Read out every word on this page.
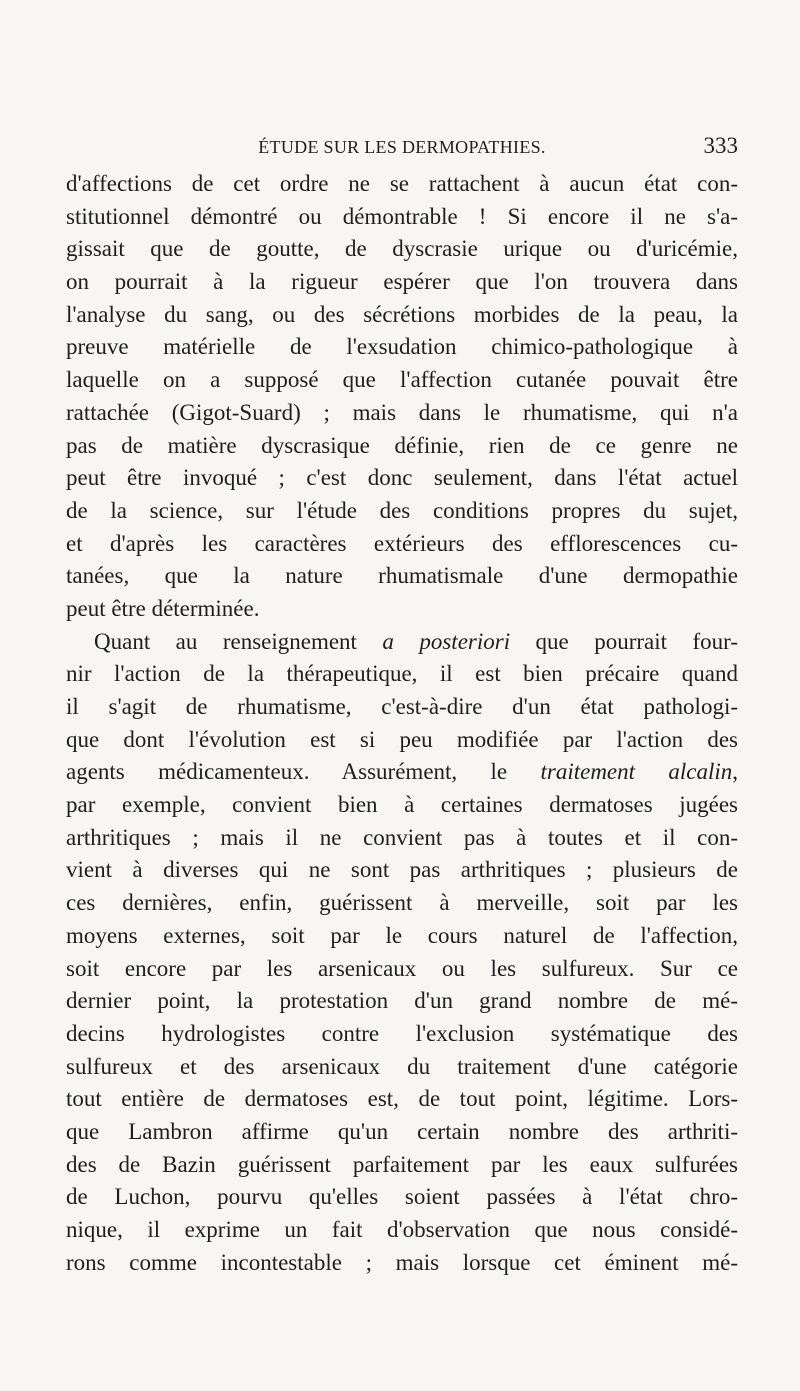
ÉTUDE SUR LES DERMOPATHIES.	333
d'affections de cet ordre ne se rattachent à aucun état con-
stitutionnel démontré ou démontrable ! Si encore il ne s'a-
gissait que de goutte, de dyscrasie urique ou d'uricémie,
on pourrait à la rigueur espérer que l'on trouvera dans
l'analyse du sang, ou des sécrétions morbides de la peau, la
preuve matérielle de l'exsudation chimico-pathologique à
laquelle on a supposé que l'affection cutanée pouvait être
rattachée (Gigot-Suard) ; mais dans le rhumatisme, qui n'a
pas de matière dyscrasique définie, rien de ce genre ne
peut être invoqué ; c'est donc seulement, dans l'état actuel
de la science, sur l'étude des conditions propres du sujet,
et d'après les caractères extérieurs des efflorescences cu-
tanées, que la nature rhumatismale d'une dermopathie
peut être déterminée.
Quant au renseignement a posteriori que pourrait four-
nir l'action de la thérapeutique, il est bien précaire quand
il s'agit de rhumatisme, c'est-à-dire d'un état pathologi-
que dont l'évolution est si peu modifiée par l'action des
agents médicamenteux. Assurément, le traitement alcalin,
par exemple, convient bien à certaines dermatoses jugées
arthritiques ; mais il ne convient pas à toutes et il con-
vient à diverses qui ne sont pas arthritiques ; plusieurs de
ces dernières, enfin, guérissent à merveille, soit par les
moyens externes, soit par le cours naturel de l'affection,
soit encore par les arsenicaux ou les sulfureux. Sur ce
dernier point, la protestation d'un grand nombre de mé-
decins hydrologistes contre l'exclusion systématique des
sulfureux et des arsenicaux du traitement d'une catégorie
tout entière de dermatoses est, de tout point, légitime. Lors-
que Lambron affirme qu'un certain nombre des arthriti-
des de Bazin guérissent parfaitement par les eaux sulfurées
de Luchon, pourvu qu'elles soient passées à l'état chro-
nique, il exprime un fait d'observation que nous considé-
rons comme incontestable ; mais lorsque cet éminent mé-
